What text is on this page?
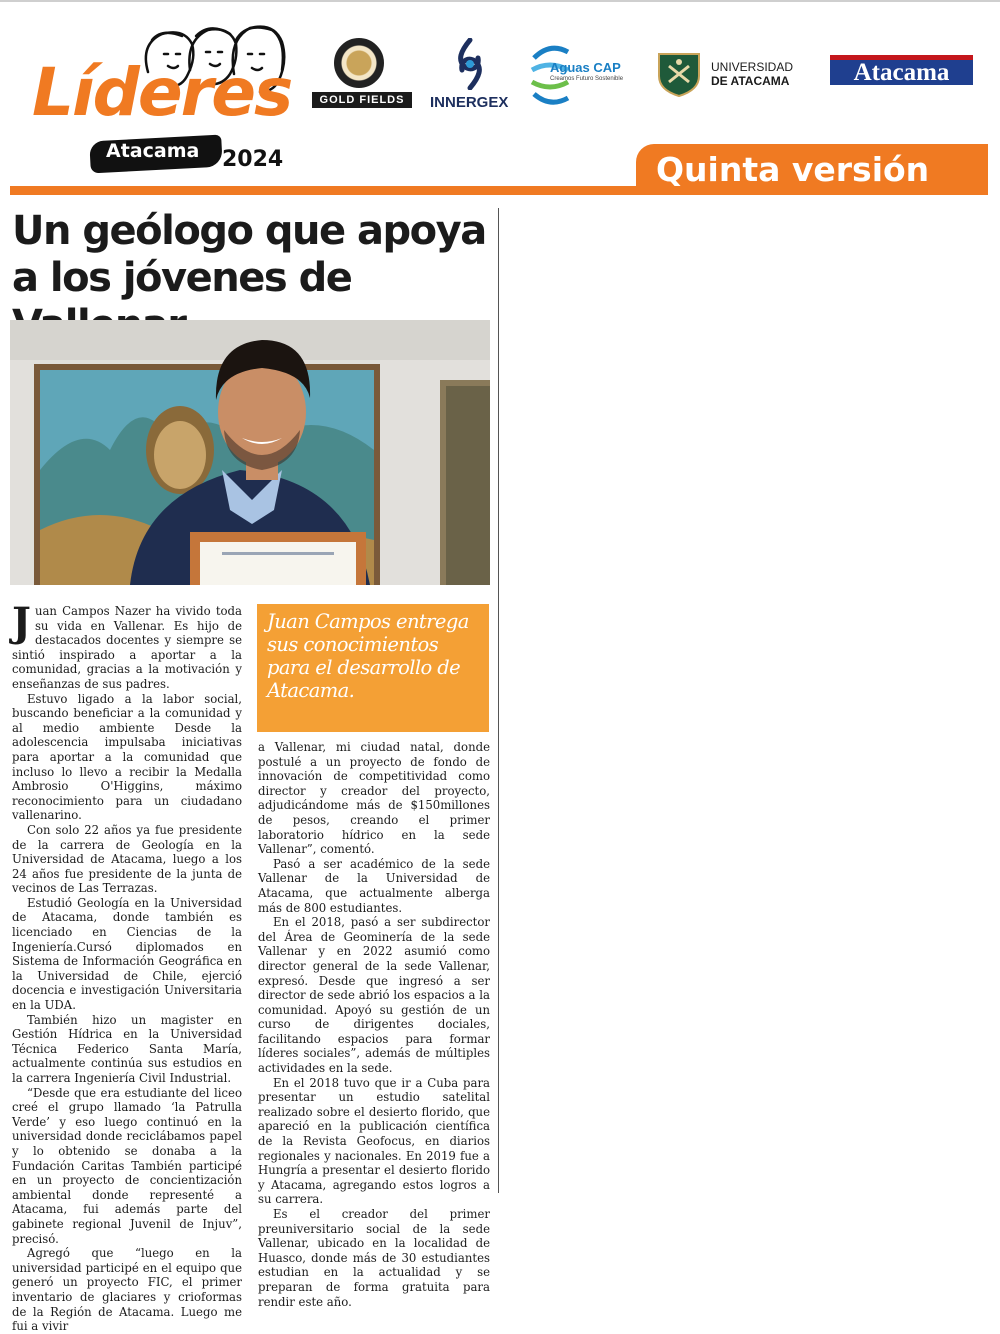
Líderes
Atacama 2024
GOLD FIELDS	INNERGEX
Aguas CAP
Creamos Futuro Sostenible
UNIVERSIDAD
DE ATACAMA
EL DIARIO DE
Atacama
Quinta versión
Un geólogo que apoya a los jóvenes de

Juan Campos Nazer ha vivido toda su vida en Vallenar. Es hijo de destacados docentes y siempre se sintió inspirado a aportar a la comunidad, gracias a la motivación y enseñanzas de sus padres.

Estuvo ligado a la labor social, buscando beneficiar a la comunidad y al medio ambiente Desde la adolescencia impulsaba iniciativas para aportar a la comunidad que incluso lo llevo a recibir la Medalla Ambrosio O'Higgins, máximo reconocimiento para un ciudadano vallenarino.

Con solo 22 años ya fue presidente de la carrera de Geología en la Universidad de Atacama, luego a los 24 años fue presidente de la junta de vecinos de Las Terrazas.

Estudió Geología en la Universidad de Atacama, donde también es licenciado en Ciencias de la Ingeniería.Cursó diplomados en Sistema de Información Geográfica en la Universidad de Chile, ejerció docencia e investigación Universitaria en la UDA.

También hizo un magister en Gestión Hídrica en la Universidad Técnica Federico Santa María, actualmente continúa sus estudios en la carrera Ingeniería Civil Industrial.

“Desde que era estudiante del liceo creé el grupo llamado ‘la Patrulla Verde’ y eso luego continuó en la universidad donde reciclábamos papel y lo obtenido se donaba a la Fundación Caritas También participé en un proyecto de concientización ambiental donde representé a Atacama, fui además parte del gabinete regional Juvenil de Injuv”, precisó.

Agregó que “luego en la universidad participé en el equipo que generó un proyecto FIC, el primer inventario de glaciares y crioformas de la Región de Atacama. Luego me fui a vivir

Juan Campos entrega sus conocimientos para el desarrollo de Atacama.

a Vallenar, mi ciudad natal, donde postulé a un proyecto de fondo de innovación de competitividad como director y creador del proyecto, adjudicándome más de $150millones de pesos, creando el primer laboratorio hídrico en la sede Vallenar”, comentó.

Pasó a ser académico de la sede Vallenar de la Universidad de Atacama, que actualmente alberga más de 800 estudiantes.

En el 2018, pasó a ser subdirector del Área de Geominería de la sede Vallenar y en 2022 asumió como director general de la sede Vallenar, expresó. Desde que ingresó a ser director de sede abrió los espacios a la comunidad. Apoyó su gestión de un curso de dirigentes dociales, facilitando espacios para formar líderes sociales”, además de múltiples actividades en la sede.

En el 2018 tuvo que ir a Cuba para presentar un estudio satelital realizado sobre el desierto florido, que apareció en la publicación científica de la Revista Geofocus, en diarios regionales y nacionales. En 2019 fue a Hungría a presentar el desierto florido y Atacama, agregando estos logros a su carrera.

Es el creador del primer preuniversitario social de la sede Vallenar, ubicado en la localidad de Huasco, donde más de 30 estudiantes estudian en la actualidad y se preparan de forma gratuita para rendir este año.
